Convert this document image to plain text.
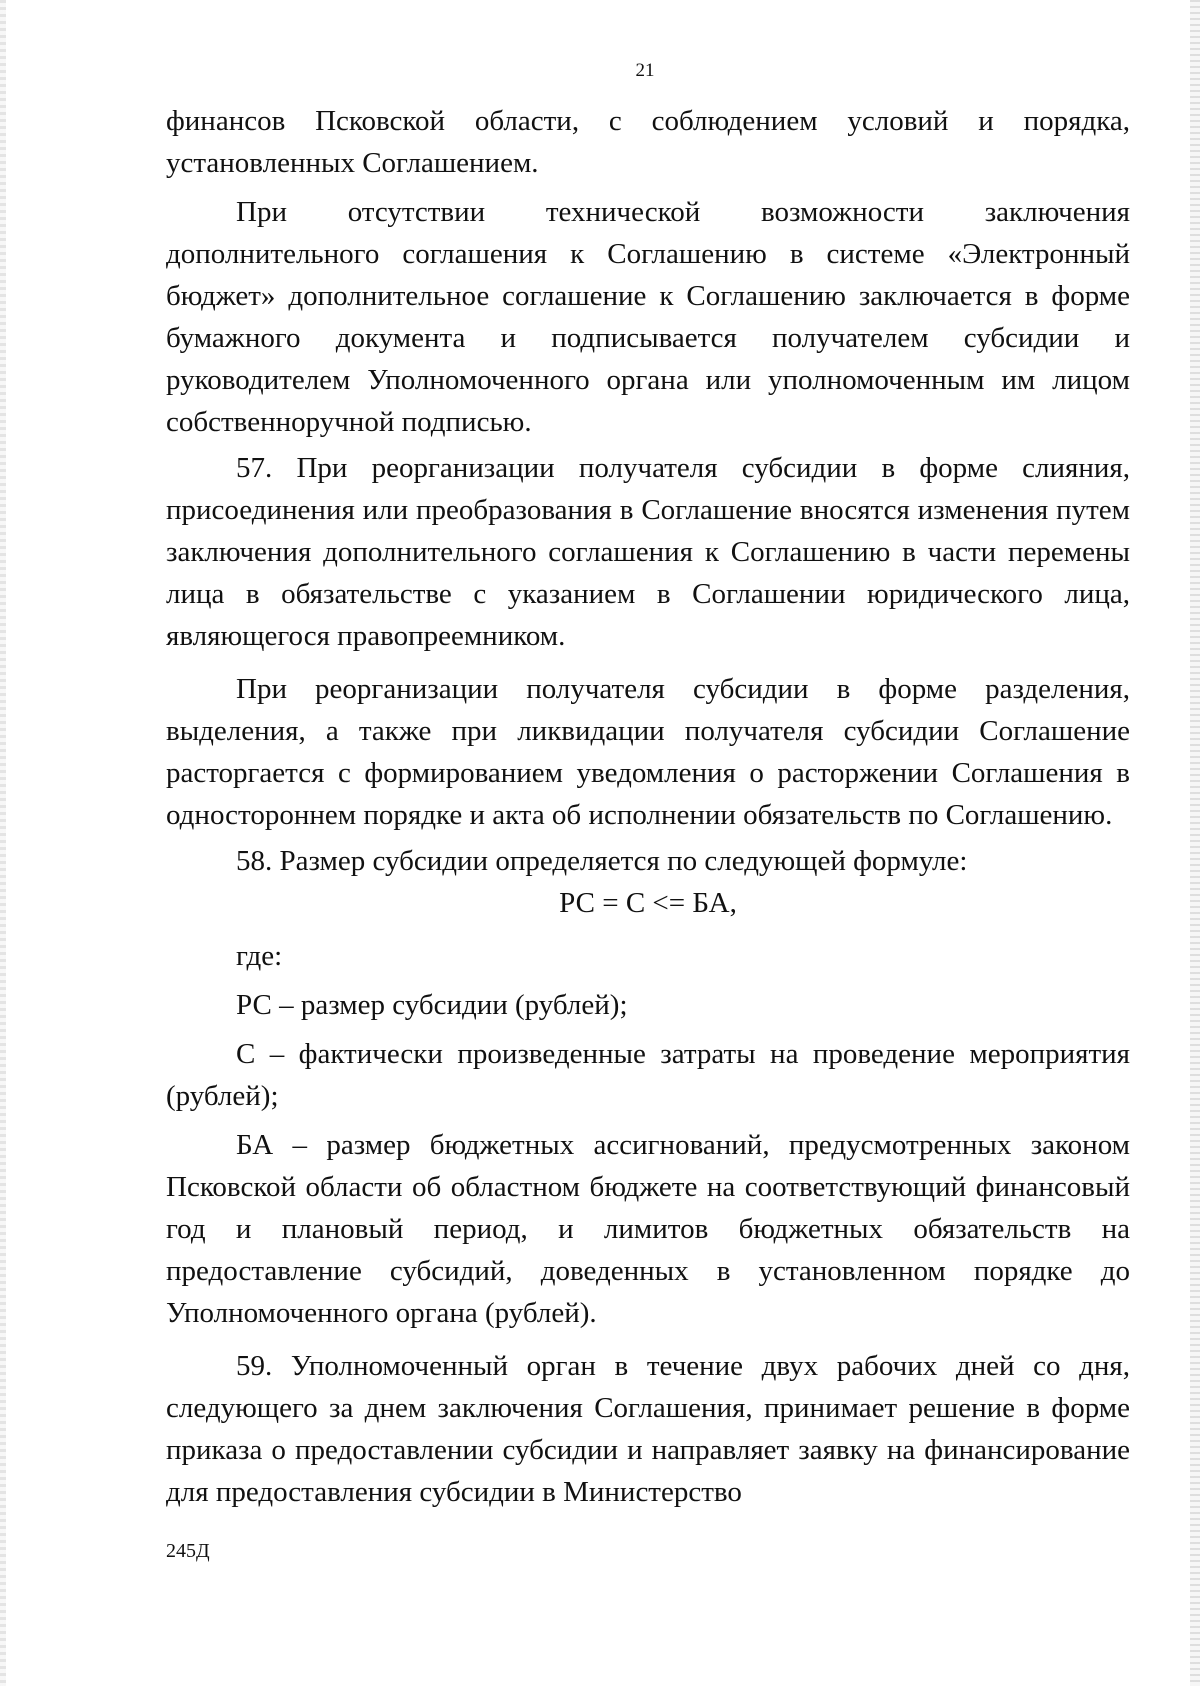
21

финансов Псковской области, с соблюдением условий и порядка, установленных Соглашением.

При отсутствии технической возможности заключения дополнительного соглашения к Соглашению в системе «Электронный бюджет» дополнительное соглашение к Соглашению заключается в форме бумажного документа и подписывается получателем субсидии и руководителем Уполномоченного органа или уполномоченным им лицом собственноручной подписью.

57. При реорганизации получателя субсидии в форме слияния, присоединения или преобразования в Соглашение вносятся изменения путем заключения дополнительного соглашения к Соглашению в части перемены лица в обязательстве с указанием в Соглашении юридического лица, являющегося правопреемником.

При реорганизации получателя субсидии в форме разделения, выделения, а также при ликвидации получателя субсидии Соглашение расторгается с формированием уведомления о расторжении Соглашения в одностороннем порядке и акта об исполнении обязательств по Соглашению.

58. Размер субсидии определяется по следующей формуле:

РС = С <= БА,

где:

РС – размер субсидии (рублей);

С – фактически произведенные затраты на проведение мероприятия (рублей);

БА – размер бюджетных ассигнований, предусмотренных законом Псковской области об областном бюджете на соответствующий финансовый год и плановый период, и лимитов бюджетных обязательств на предоставление субсидий, доведенных в установленном порядке до Уполномоченного органа (рублей).

59. Уполномоченный орган в течение двух рабочих дней со дня, следующего за днем заключения Соглашения, принимает решение в форме приказа о предоставлении субсидии и направляет заявку на финансирование для предоставления субсидии в Министерство

245Д
